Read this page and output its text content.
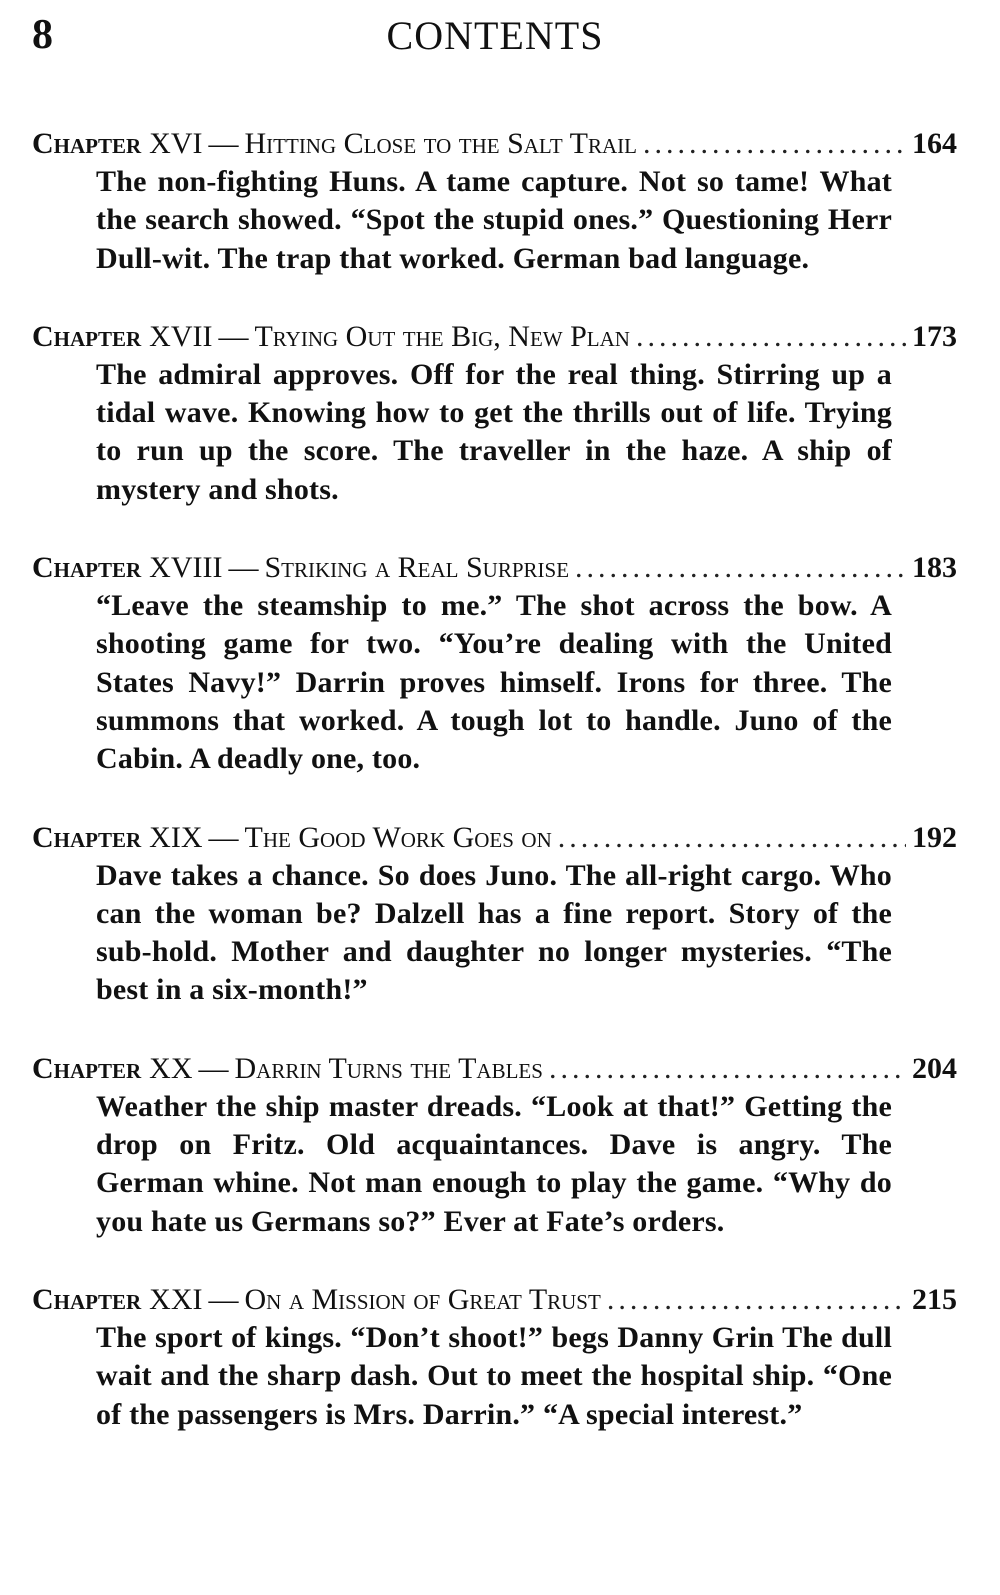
8	CONTENTS
Chapter XVI — Hitting Close to the Salt Trail .....	164
The non-fighting Huns. A tame capture. Not so tame! What the search showed. “Spot the stupid ones.” Questioning Herr Dull-wit. The trap that worked. German bad language.
Chapter XVII — Trying Out the Big, New Plan .....	173
The admiral approves. Off for the real thing. Stirring up a tidal wave. Knowing how to get the thrills out of life. Trying to run up the score. The traveller in the haze. A ship of mystery and shots.
Chapter XVIII — Striking a Real Surprise .....	183
“Leave the steamship to me.” The shot across the bow. A shooting game for two. “You’re dealing with the United States Navy!” Darrin proves himself. Irons for three. The summons that worked. A tough lot to handle. Juno of the Cabin. A deadly one, too.
Chapter XIX — The Good Work Goes on .....	192
Dave takes a chance. So does Juno. The all-right cargo. Who can the woman be? Dalzell has a fine report. Story of the sub-hold. Mother and daughter no longer mysteries. “The best in a six-month!”
Chapter XX — Darrin Turns the Tables .....	204
Weather the ship master dreads. “Look at that!” Getting the drop on Fritz. Old acquaintances. Dave is angry. The German whine. Not man enough to play the game. “Why do you hate us Germans so?” Ever at Fate’s orders.
Chapter XXI — On a Mission of Great Trust .....	215
The sport of kings. “Don’t shoot!” begs Danny Grin The dull wait and the sharp dash. Out to meet the hospital ship. “One of the passengers is Mrs. Darrin.” “A special interest.”
